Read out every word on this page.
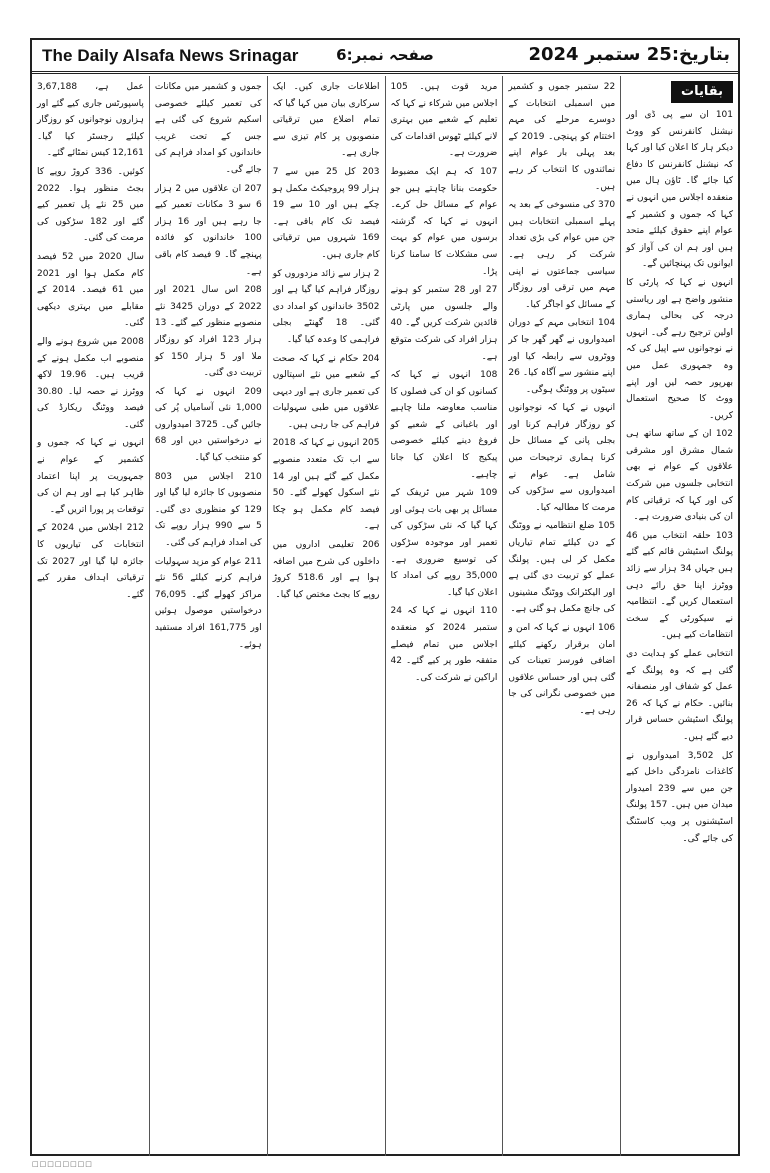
The Daily Alsafa News Srinagar	صفحہ نمبر:6	بتاریخ:25 ستمبر 2024
بقایات

101 ان سے پی ڈی اور نیشنل کانفرنس کو ووٹ دیکر ہار کا اعلان کیا اور کہا کہ نیشنل کانفرنس کا دفاع کیا جائے گا۔ ٹاؤن ہال میں منعقدہ اجلاس میں انہوں نے کہا کہ جموں و کشمیر کے عوام اپنے حقوق کیلئے متحد ہیں اور ہم ان کی آواز کو ایوانوں تک پہنچائیں گے۔

انہوں نے کہا کہ پارٹی کا منشور واضح ہے اور ریاستی درجہ کی بحالی ہماری اولین ترجیح رہے گی۔ انہوں نے نوجوانوں سے اپیل کی کہ وہ جمہوری عمل میں بھرپور حصہ لیں اور اپنے ووٹ کا صحیح استعمال کریں۔

102 ان کے ساتھ ساتھ ہی شمال مشرق اور مشرقی علاقوں کے عوام نے بھی انتخابی جلسوں میں شرکت کی اور کہا کہ ترقیاتی کام ان کی بنیادی ضرورت ہے۔

103 حلقہ انتخاب میں 46 پولنگ اسٹیشن قائم کیے گئے ہیں جہاں 34 ہزار سے زائد ووٹرز اپنا حق رائے دہی استعمال کریں گے۔ انتظامیہ نے سیکورٹی کے سخت انتظامات کیے ہیں۔

انتخابی عملے کو ہدایت دی گئی ہے کہ وہ پولنگ کے عمل کو شفاف اور منصفانہ بنائیں۔ حکام نے کہا کہ 26 پولنگ اسٹیشن حساس قرار دیے گئے ہیں۔

کل 3,502 امیدواروں نے کاغذات نامزدگی داخل کیے جن میں سے 239 امیدوار میدان میں ہیں۔ 157 پولنگ اسٹیشنوں پر ویب کاسٹنگ کی جائے گی۔

22 ستمبر جموں و کشمیر میں اسمبلی انتخابات کے دوسرے مرحلے کی مہم اختتام کو پہنچی۔ 2019 کے بعد پہلی بار عوام اپنے نمائندوں کا انتخاب کر رہے ہیں۔

370 کی منسوخی کے بعد یہ پہلے اسمبلی انتخابات ہیں جن میں عوام کی بڑی تعداد شرکت کر رہی ہے۔ سیاسی جماعتوں نے اپنی مہم میں ترقی اور روزگار کے مسائل کو اجاگر کیا۔

104 انتخابی مہم کے دوران امیدواروں نے گھر گھر جا کر ووٹروں سے رابطہ کیا اور اپنے منشور سے آگاہ کیا۔ 26 سیٹوں پر ووٹنگ ہوگی۔

انہوں نے کہا کہ نوجوانوں کو روزگار فراہم کرنا اور بجلی پانی کے مسائل حل کرنا ہماری ترجیحات میں شامل ہے۔ عوام نے امیدواروں سے سڑکوں کی مرمت کا مطالبہ کیا۔

105 ضلع انتظامیہ نے ووٹنگ کے دن کیلئے تمام تیاریاں مکمل کر لی ہیں۔ پولنگ عملے کو تربیت دی گئی ہے اور الیکٹرانک ووٹنگ مشینوں کی جانچ مکمل ہو گئی ہے۔

106 انہوں نے کہا کہ امن و امان برقرار رکھنے کیلئے اضافی فورسز تعینات کی گئی ہیں اور حساس علاقوں میں خصوصی نگرانی کی جا رہی ہے۔

مرید قوت ہیں۔ 105 اجلاس میں شرکاء نے کہا کہ تعلیم کے شعبے میں بہتری لانے کیلئے ٹھوس اقدامات کی ضرورت ہے۔

107 کہ ہم ایک مضبوط حکومت بنانا چاہتے ہیں جو عوام کے مسائل حل کرے۔ انہوں نے کہا کہ گزشتہ برسوں میں عوام کو بہت سی مشکلات کا سامنا کرنا پڑا۔

27 اور 28 ستمبر کو ہونے والے جلسوں میں پارٹی قائدین شرکت کریں گے۔ 40 ہزار افراد کی شرکت متوقع ہے۔

108 انہوں نے کہا کہ کسانوں کو ان کی فصلوں کا مناسب معاوضہ ملنا چاہیے اور باغبانی کے شعبے کو فروغ دینے کیلئے خصوصی پیکیج کا اعلان کیا جانا چاہیے۔

109 شہر میں ٹریفک کے مسائل پر بھی بات ہوئی اور کہا گیا کہ نئی سڑکوں کی تعمیر اور موجودہ سڑکوں کی توسیع ضروری ہے۔ 35,000 روپے کی امداد کا اعلان کیا گیا۔

110 انہوں نے کہا کہ 24 ستمبر 2024 کو منعقدہ اجلاس میں تمام فیصلے متفقہ طور پر کیے گئے۔ 42 اراکین نے شرکت کی۔

اطلاعات جاری کیں۔ ایک سرکاری بیان میں کہا گیا کہ تمام اضلاع میں ترقیاتی منصوبوں پر کام تیزی سے جاری ہے۔

203 کل 25 میں سے 7 ہزار 99 پروجیکٹ مکمل ہو چکے ہیں اور 10 سے 19 فیصد تک کام باقی ہے۔ 169 شہروں میں ترقیاتی کام جاری ہیں۔

2 ہزار سے زائد مزدوروں کو روزگار فراہم کیا گیا ہے اور 3502 خاندانوں کو امداد دی گئی۔ 18 گھنٹے بجلی فراہمی کا وعدہ کیا گیا۔

204 حکام نے کہا کہ صحت کے شعبے میں نئے اسپتالوں کی تعمیر جاری ہے اور دیہی علاقوں میں طبی سہولیات فراہم کی جا رہی ہیں۔

205 انہوں نے کہا کہ 2018 سے اب تک متعدد منصوبے مکمل کیے گئے ہیں اور 14 نئے اسکول کھولے گئے۔ 50 فیصد کام مکمل ہو چکا ہے۔

206 تعلیمی اداروں میں داخلوں کی شرح میں اضافہ ہوا ہے اور 518.6 کروڑ روپے کا بجٹ مختص کیا گیا۔

جموں و کشمیر میں مکانات کی تعمیر کیلئے خصوصی اسکیم شروع کی گئی ہے جس کے تحت غریب خاندانوں کو امداد فراہم کی جائے گی۔

207 ان علاقوں میں 2 ہزار 6 سو 3 مکانات تعمیر کیے جا رہے ہیں اور 16 ہزار 100 خاندانوں کو فائدہ پہنچے گا۔ 9 فیصد کام باقی ہے۔

208 اس سال 2021 اور 2022 کے دوران 3425 نئے منصوبے منظور کیے گئے۔ 13 ہزار 123 افراد کو روزگار ملا اور 5 ہزار 150 کو تربیت دی گئی۔

209 انہوں نے کہا کہ 1,000 نئی آسامیاں پُر کی جائیں گی۔ 3725 امیدواروں نے درخواستیں دیں اور 68 کو منتخب کیا گیا۔

210 اجلاس میں 803 منصوبوں کا جائزہ لیا گیا اور 129 کو منظوری دی گئی۔ 5 سے 990 ہزار روپے تک کی امداد فراہم کی گئی۔

211 عوام کو مزید سہولیات فراہم کرنے کیلئے 56 نئے مراکز کھولے گئے۔ 76,095 درخواستیں موصول ہوئیں اور 161,775 افراد مستفید ہوئے۔

عمل ہے، 3,67,188 پاسپورٹس جاری کیے گئے اور ہزاروں نوجوانوں کو روزگار کیلئے رجسٹر کیا گیا۔ 12,161 کیس نمٹائے گئے۔

کوئیں۔ 336 کروڑ روپے کا بجٹ منظور ہوا۔ 2022 میں 25 نئے پل تعمیر کیے گئے اور 182 سڑکوں کی مرمت کی گئی۔

سال 2020 میں 52 فیصد کام مکمل ہوا اور 2021 میں 61 فیصد۔ 2014 کے مقابلے میں بہتری دیکھی گئی۔

2008 میں شروع ہونے والے منصوبے اب مکمل ہونے کے قریب ہیں۔ 19.96 لاکھ ووٹرز نے حصہ لیا۔ 30.80 فیصد ووٹنگ ریکارڈ کی گئی۔

انہوں نے کہا کہ جموں و کشمیر کے عوام نے جمہوریت پر اپنا اعتماد ظاہر کیا ہے اور ہم ان کی توقعات پر پورا اتریں گے۔

212 اجلاس میں 2024 کے انتخابات کی تیاریوں کا جائزہ لیا گیا اور 2027 تک ترقیاتی اہداف مقرر کیے گئے۔

□□□□□□□□
